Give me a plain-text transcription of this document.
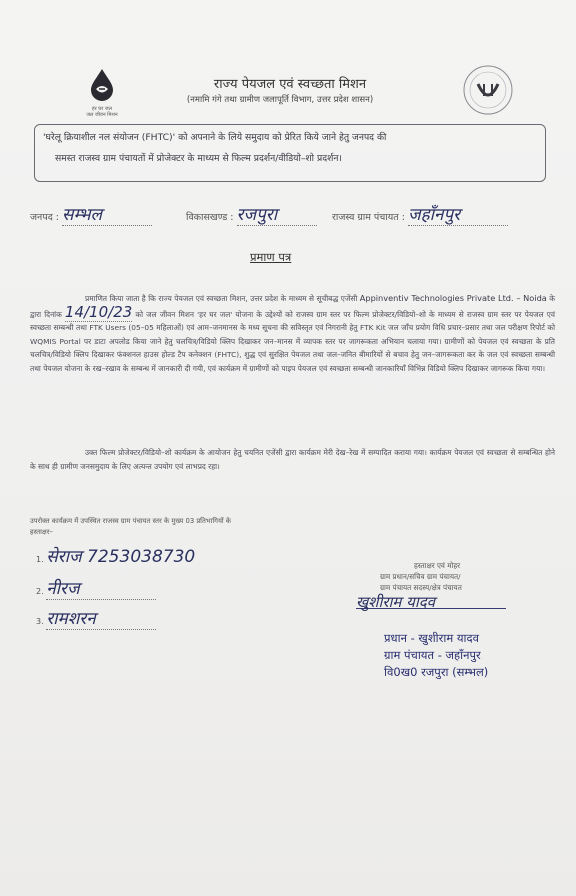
हर घर जल
जल जीवन मिशन
राज्य पेयजल एवं स्वच्छता मिशन
(नमामि गंगे तथा ग्रामीण जलापूर्ति विभाग, उत्तर प्रदेश शासन)
'घरेलू क्रियाशील नल संयोजन (FHTC)' को अपनाने के लिये समुदाय को प्रेरित किये जाने हेतु जनपद की
समस्त राजस्व ग्राम पंचायतों में प्रोजेक्टर के माध्यम से फिल्म प्रदर्शन/वीडियो–शो प्रदर्शन।
जनपद : सम्भल	विकासखण्ड : रजपुरा	राजस्व ग्राम पंचायत : जहाँनपुर
प्रमाण पत्र
प्रमाणित किया जाता है कि राज्य पेयजल एवं स्वच्छता मिशन, उत्तर प्रदेश के माध्यम से सूचीबद्ध एजेंसी Appinventiv Technologies Private Ltd. – Noida के द्वारा दिनांक 14/10/23 को जल जीवन मिशन 'हर घर जल' योजना के उद्देश्यों को राजस्व ग्राम स्तर पर फिल्म प्रोजेक्टर/विडियो–शो के माध्यम से राजस्व ग्राम स्तर पर पेयजल एवं स्वच्छता सम्बन्धी तथा FTK Users (05–05 महिलाओं) एवं आम–जनमानस के मध्य सूचना की सविस्तृत एवं निगरानी हेतु FTK Kit जल जाँच प्रयोग विधि प्रचार–प्रसार तथा जल परीक्षण रिपोर्ट को WQMIS Portal पर डाटा अपलोड किया जाने हेतु चलचित्र/विडियो क्लिप दिखाकर जन–मानस में व्यापक स्तर पर जागरूकता अभियान चलाया गया। ग्रामीणों को पेयजल एवं स्वच्छता के प्रति चलचित्र/विडियो क्लिप दिखाकर फंक्शनल हाउस होल्ड टैप कनेक्शन (FHTC), शुद्ध एवं सुरक्षित पेयजल तथा जल–जनित बीमारियों से बचाव हेतु जन–जागरूकता कर के जल एवं स्वच्छता सम्बन्धी तथा पेयजल योजना के रख–रखाव के सम्बन्ध में जानकारी दी गयी, एवं कार्यक्रम में ग्रामीणों को पाइप पेयजल एवं स्वच्छता सम्बन्धी जानकारियाँ विभिन्न विडियो क्लिप दिखाकर जागरूक किया गया।
उक्त फिल्म प्रोजेक्टर/विडियो–शो कार्यक्रम के आयोजन हेतु चयनित एजेंसी द्वारा कार्यक्रम मेरी देख–रेख में सम्पादित कराया गया। कार्यक्रम पेयजल एवं स्वच्छता से सम्बन्धित होने के साथ ही ग्रामीण जनसमुदाय के लिए अत्यन्त उपयोग एवं लाभप्रद रहा।
उपरोक्त कार्यक्रम में उपस्थित राजस्व ग्राम पंचायत स्तर के मुख्य 03 प्रतिभागियों के
हस्ताक्षर–
1. सेराज 7253038730
2. नीरज
3. रामशरन
हस्ताक्षर एवं मोहर
ग्राम प्रधान/सचिव ग्राम पंचायत/
ग्राम पंचायत सदस्य/क्षेत्र पंचायत
खुशीराम यादव
प्रधान - खुशीराम यादव
ग्राम पंचायत - जहाँनपुर
वि0ख0 रजपुरा (सम्भल)
